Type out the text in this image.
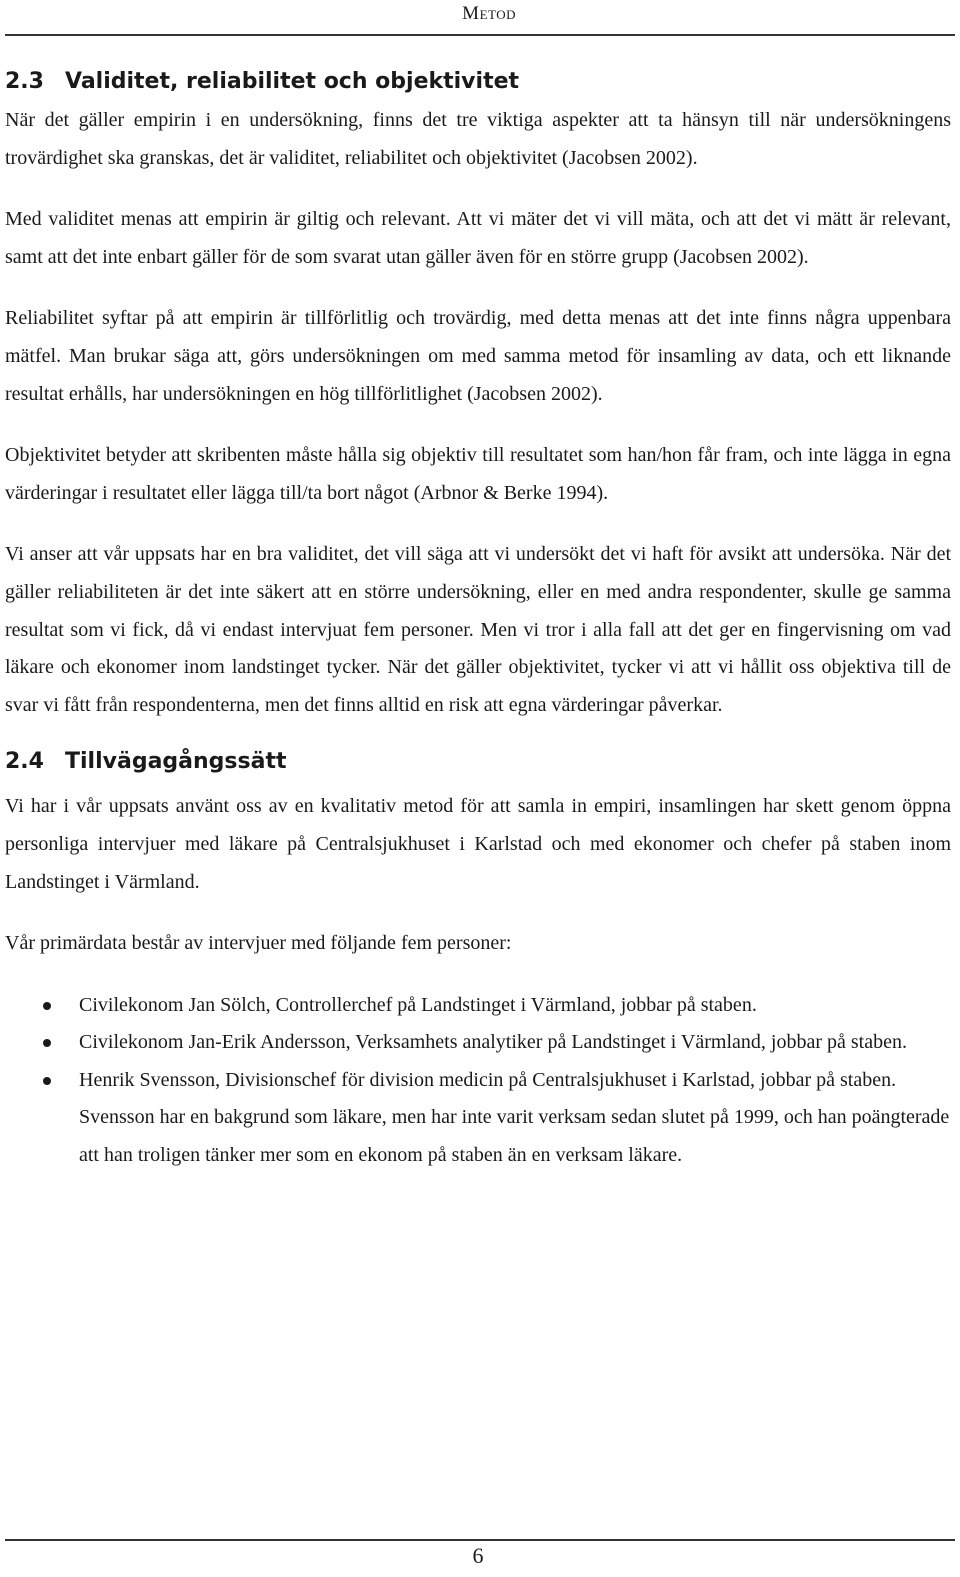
Metod
2.3 Validitet, reliabilitet och objektivitet

När det gäller empirin i en undersökning, finns det tre viktiga aspekter att ta hänsyn till när undersökningens trovärdighet ska granskas, det är validitet, reliabilitet och objektivitet (Jacobsen 2002).

Med validitet menas att empirin är giltig och relevant. Att vi mäter det vi vill mäta, och att det vi mätt är relevant, samt att det inte enbart gäller för de som svarat utan gäller även för en större grupp (Jacobsen 2002).

Reliabilitet syftar på att empirin är tillförlitlig och trovärdig, med detta menas att det inte finns några uppenbara mätfel. Man brukar säga att, görs undersökningen om med samma metod för insamling av data, och ett liknande resultat erhålls, har undersökningen en hög tillförlitlighet (Jacobsen 2002).

Objektivitet betyder att skribenten måste hålla sig objektiv till resultatet som han/hon får fram, och inte lägga in egna värderingar i resultatet eller lägga till/ta bort något (Arbnor & Berke 1994).

Vi anser att vår uppsats har en bra validitet, det vill säga att vi undersökt det vi haft för avsikt att undersöka. När det gäller reliabiliteten är det inte säkert att en större undersökning, eller en med andra respondenter, skulle ge samma resultat som vi fick, då vi endast intervjuat fem personer. Men vi tror i alla fall att det ger en fingervisning om vad läkare och ekonomer inom landstinget tycker. När det gäller objektivitet, tycker vi att vi hållit oss objektiva till de svar vi fått från respondenterna, men det finns alltid en risk att egna värderingar påverkar.

2.4 Tillvägagångssätt

Vi har i vår uppsats använt oss av en kvalitativ metod för att samla in empiri, insamlingen har skett genom öppna personliga intervjuer med läkare på Centralsjukhuset i Karlstad och med ekonomer och chefer på staben inom Landstinget i Värmland.

Vår primärdata består av intervjuer med följande fem personer:

Civilekonom Jan Sölch, Controllerchef på Landstinget i Värmland, jobbar på staben.
Civilekonom Jan-Erik Andersson, Verksamhets analytiker på Landstinget i Värmland, jobbar på staben.
Henrik Svensson, Divisionschef för division medicin på Centralsjukhuset i Karlstad, jobbar på staben. Svensson har en bakgrund som läkare, men har inte varit verksam sedan slutet på 1999, och han poängterade att han troligen tänker mer som en ekonom på staben än en verksam läkare.
6
